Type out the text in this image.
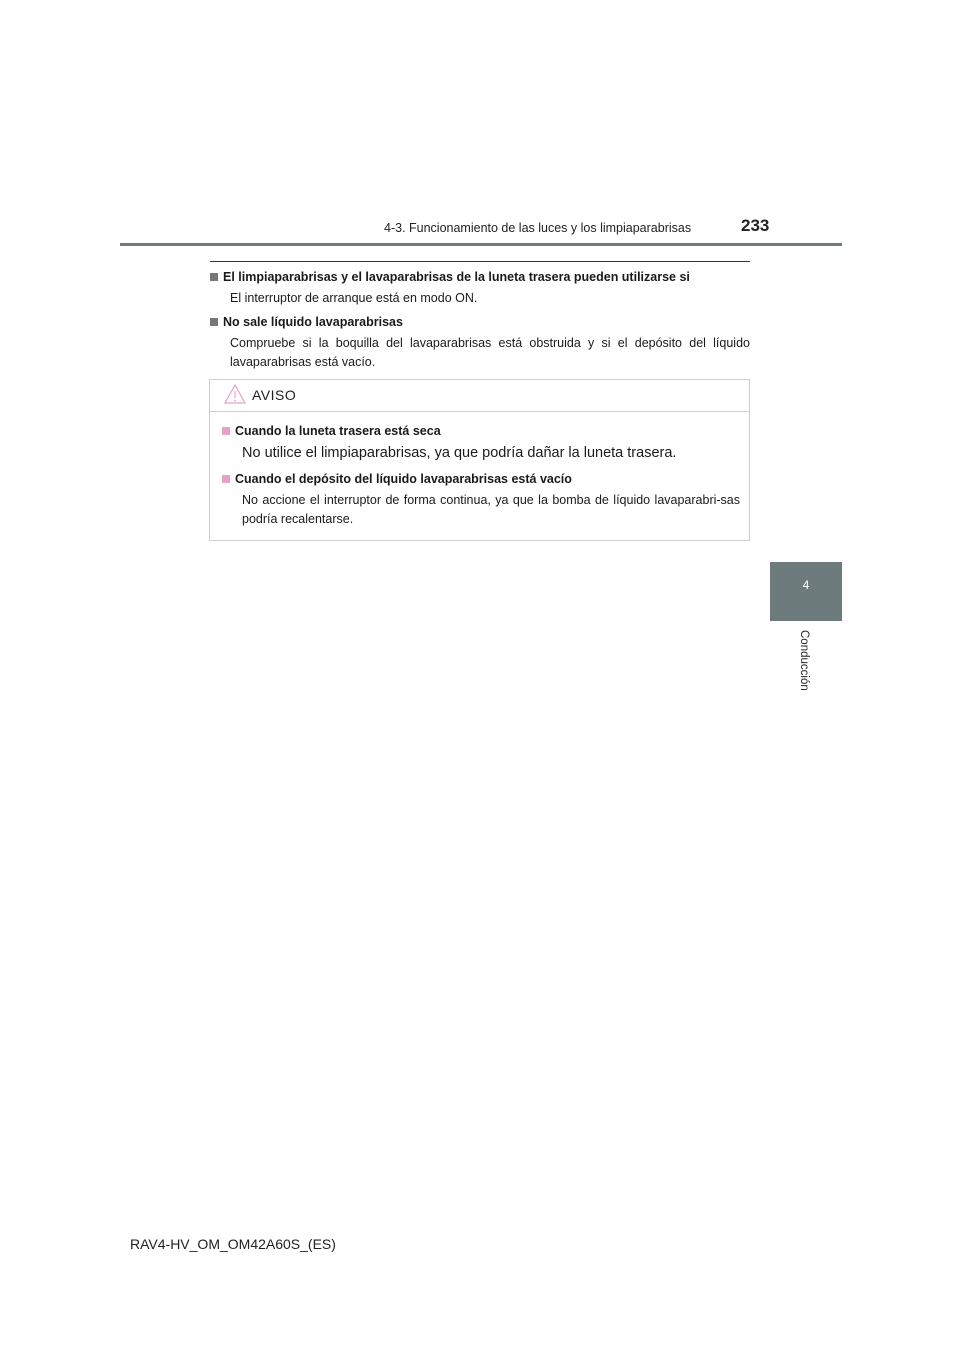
4-3. Funcionamiento de las luces y los limpiaparabrisas	233
4
Conducción
El limpiaparabrisas y el lavaparabrisas de la luneta trasera pueden utilizarse si
El interruptor de arranque está en modo ON.
No sale líquido lavaparabrisas
Compruebe si la boquilla del lavaparabrisas está obstruida y si el depósito del líquido lavaparabrisas está vacío.
AVISO
Cuando la luneta trasera está seca
No utilice el limpiaparabrisas, ya que podría dañar la luneta trasera.
Cuando el depósito del líquido lavaparabrisas está vacío
No accione el interruptor de forma continua, ya que la bomba de líquido lavaparabri-sas podría recalentarse.
RAV4-HV_OM_OM42A60S_(ES)
